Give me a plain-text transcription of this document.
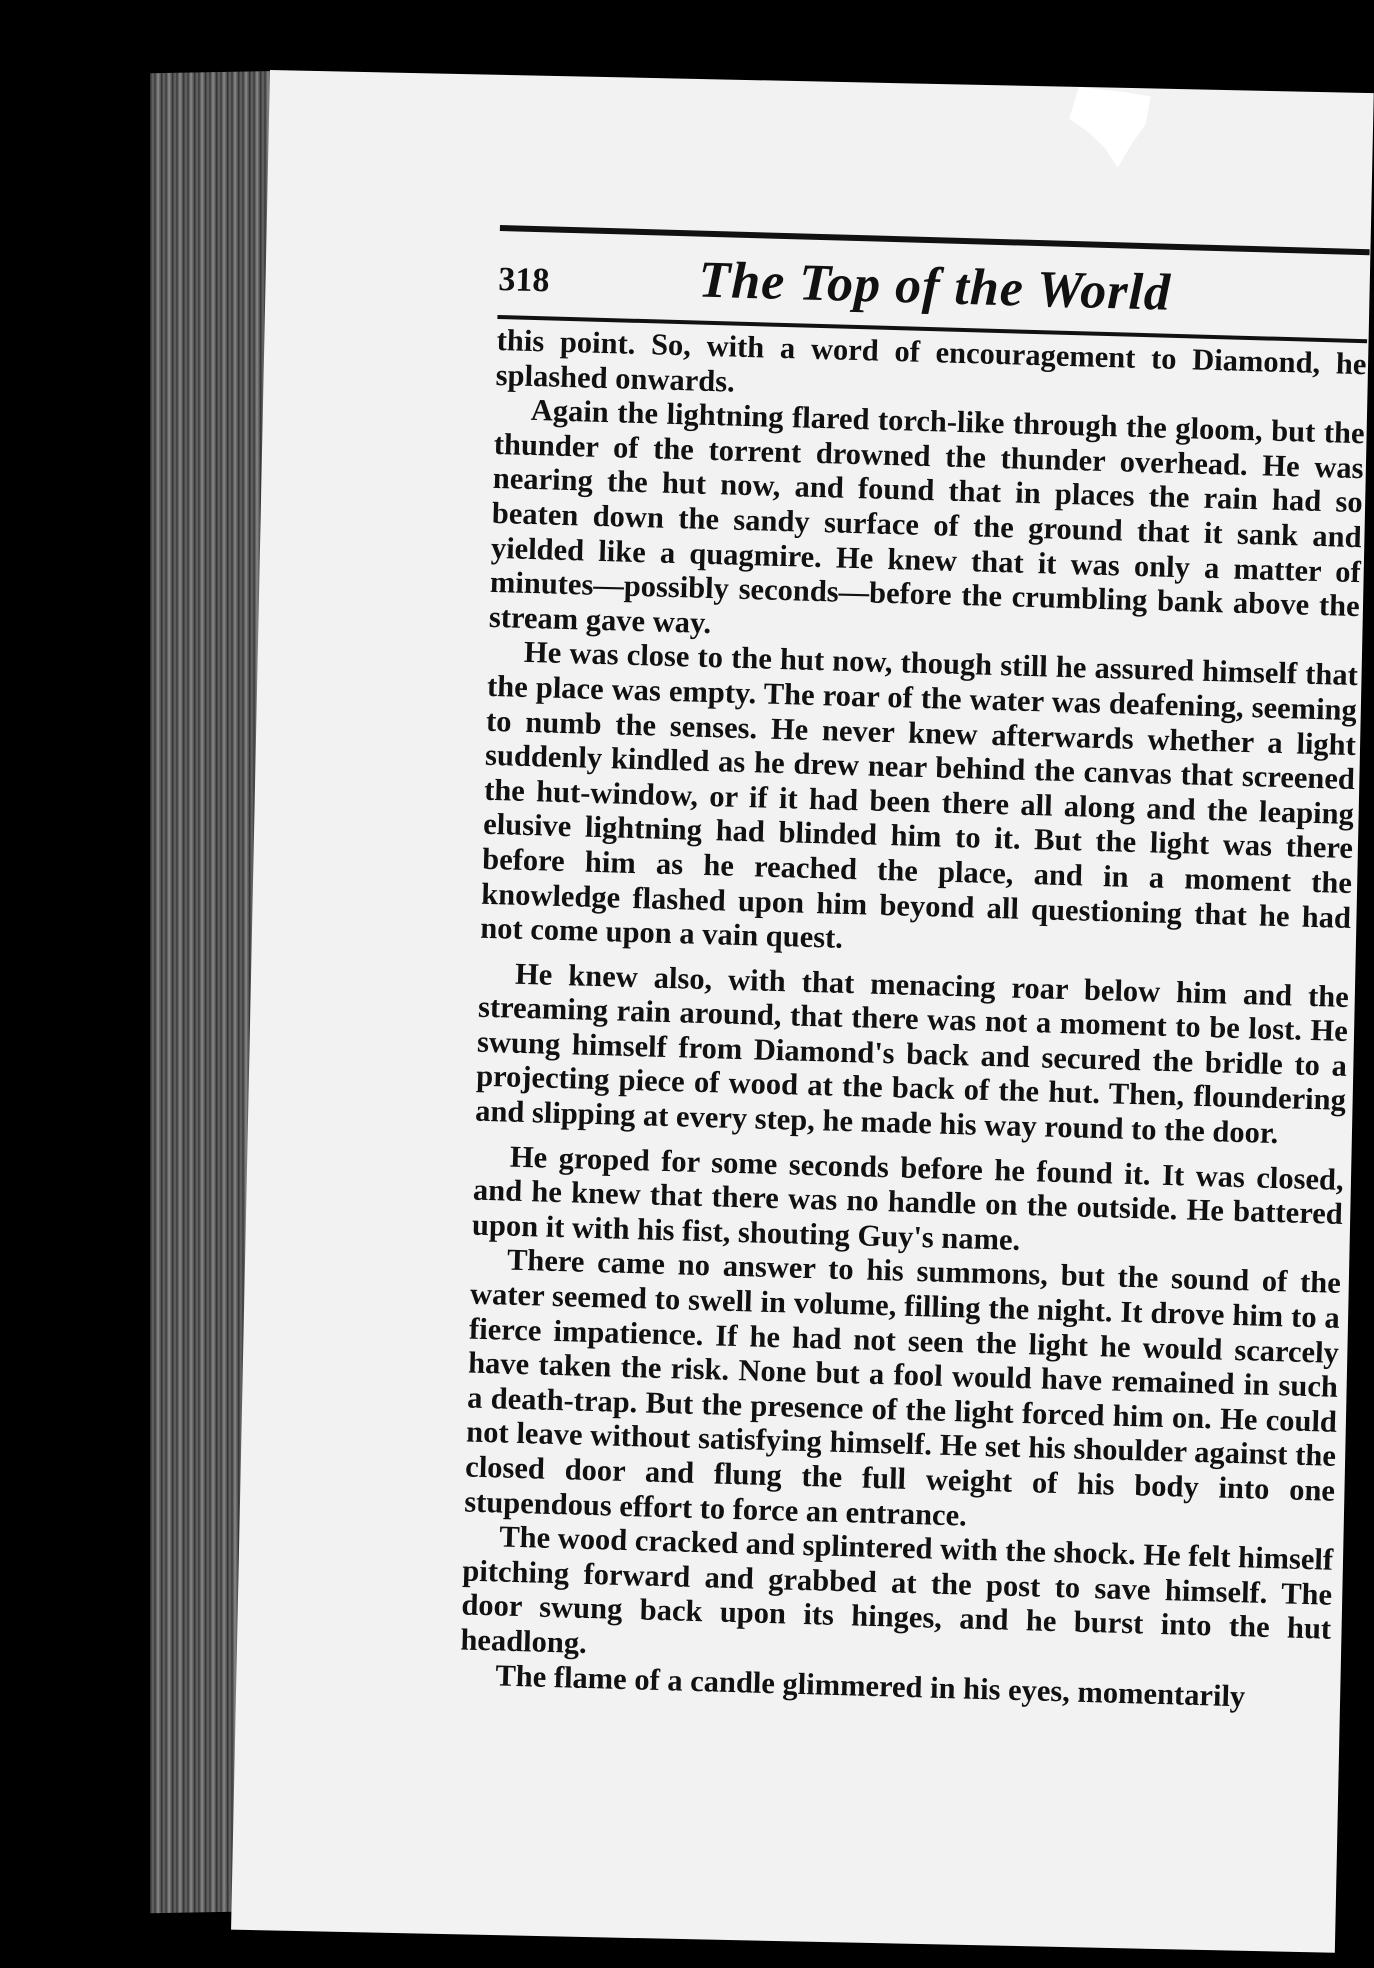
318	The Top of the World

this point. So, with a word of encouragement to Diamond, he splashed onwards.

Again the lightning flared torch-like through the gloom, but the thunder of the torrent drowned the thunder overhead. He was nearing the hut now, and found that in places the rain had so beaten down the sandy surface of the ground that it sank and yielded like a quagmire. He knew that it was only a matter of minutes—possibly seconds—before the crumbling bank above the stream gave way.

He was close to the hut now, though still he assured himself that the place was empty. The roar of the water was deafening, seeming to numb the senses. He never knew afterwards whether a light suddenly kindled as he drew near behind the canvas that screened the hut-window, or if it had been there all along and the leaping elusive lightning had blinded him to it. But the light was there before him as he reached the place, and in a moment the knowledge flashed upon him beyond all questioning that he had not come upon a vain quest.

He knew also, with that menacing roar below him and the streaming rain around, that there was not a moment to be lost. He swung himself from Diamond's back and secured the bridle to a projecting piece of wood at the back of the hut. Then, floundering and slipping at every step, he made his way round to the door.

He groped for some seconds before he found it. It was closed, and he knew that there was no handle on the outside. He battered upon it with his fist, shouting Guy's name.

There came no answer to his summons, but the sound of the water seemed to swell in volume, filling the night. It drove him to a fierce impatience. If he had not seen the light he would scarcely have taken the risk. None but a fool would have remained in such a death-trap. But the presence of the light forced him on. He could not leave without satisfying himself. He set his shoulder against the closed door and flung the full weight of his body into one stupendous effort to force an entrance.

The wood cracked and splintered with the shock. He felt himself pitching forward and grabbed at the post to save himself. The door swung back upon its hinges, and he burst into the hut headlong.

The flame of a candle glimmered in his eyes, momentarily
